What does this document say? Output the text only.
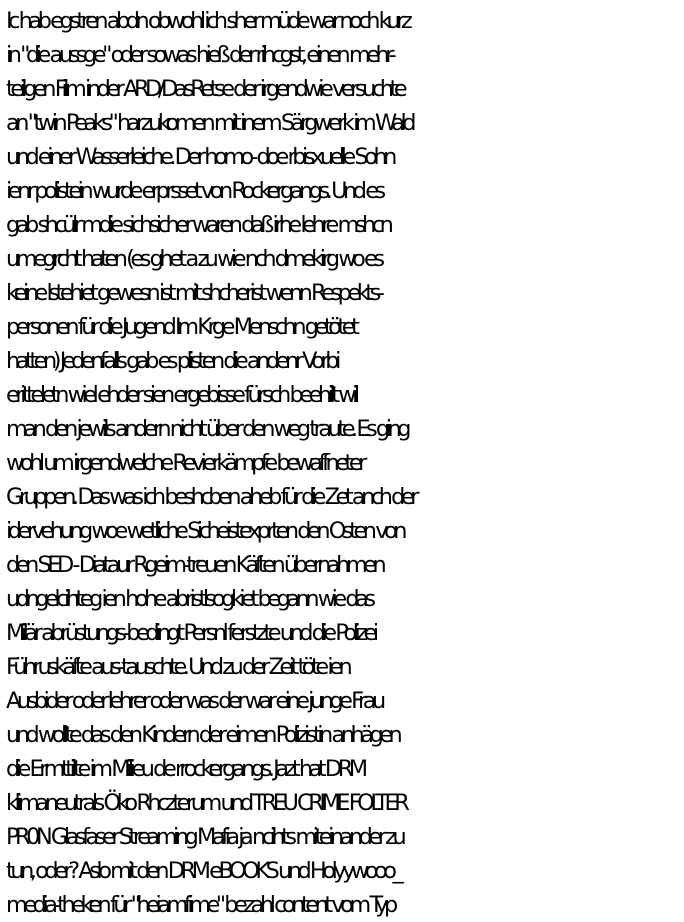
Ic hab egstren abdn obwohl ich sher müde war noch kurz
in "die aussge" oder sowas hieß der rihcgst, einen mehr-
teilgen Film inder ARD/DasRetse der irgendwie versuchte
an "twin Peaks" harzukomen mit inem Särgwerk im Wald
und einer Wasserleiche. Der homo- doe rbisxuelle Sohn
ienr polistein wurde erprsset von Rockergangs. Und es
gab shcülr mdie sichsicher waren daß irhe lehre mshcn
umegrcht haten (es ghet a zu wie nch dmekirg wo es
keine lstehiet gewesn ist mit shcherist wenn Respekts-
personen für die Jugend Im Krge Menschn getötet
hatten) Jedenfalls gab es plisten die andenr Vorbi
eritteletn wiel ehder sien ergebisse fürsch beehilt wil
man den jewils andern nicht über den weg traute. Es ging
wohl um irgendwelche Revierkämpfe bewaffneter
Gruppen. Das was ich beshcben aheb für die Zet anch der
idervehung woe wetliche Sicheistexprten den Osten von
den SED - Diataur Rgeim-treuen Käften übernahmen
udngelcihteg ien hohe abristlsogkiet begann wie das
Milär abrüstungs-bedingt Persnl ferstzte und die Polizei
Führuskäfte aus-tauschte. Und zu der Zeit töte ien
Ausbider oder lehrer oder was der war eine junge Frau
und wollte das den Kindern der eimen Polizistin anhägen
die Ermttilte im Milieu de rrockergangs. Jazt hat DRM
klimaneutrals Öko Rhczterum und TREU CRIME FOLTER
PR0N Glasfaser Streaming Mafia ja ncihts miteinander zu
tun, oder? Aslo mit den DRM eBOOKS und Holyywooo_
media-theken für "heiamfime" bezahl content vom Typ
